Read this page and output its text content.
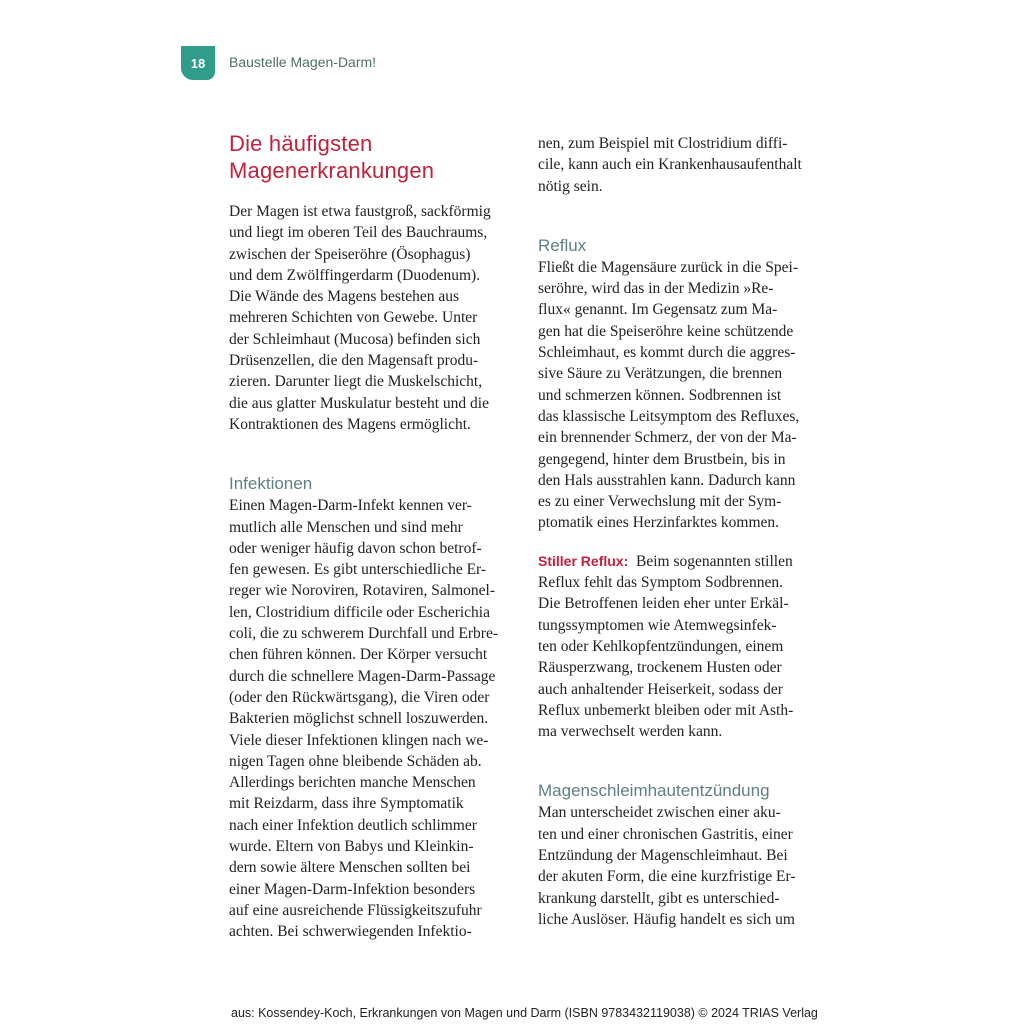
18	Baustelle Magen-Darm!
Die häufigsten
Magenerkrankungen

Der Magen ist etwa faustgroß, sackförmig
und liegt im oberen Teil des Bauchraums,
zwischen der Speiseröhre (Ösophagus)
und dem Zwölffingerdarm (Duodenum).
Die Wände des Magens bestehen aus
mehreren Schichten von Gewebe. Unter
der Schleimhaut (Mucosa) befinden sich
Drüsenzellen, die den Magensaft produ-
zieren. Darunter liegt die Muskelschicht,
die aus glatter Muskulatur besteht und die
Kontraktionen des Magens ermöglicht.

Infektionen

Einen Magen-Darm-Infekt kennen ver-
mutlich alle Menschen und sind mehr
oder weniger häufig davon schon betrof-
fen gewesen. Es gibt unterschiedliche Er-
reger wie Noroviren, Rotaviren, Salmonel-
len, Clostridium difficile oder Escherichia
coli, die zu schwerem Durchfall und Erbre-
chen führen können. Der Körper versucht
durch die schnellere Magen-Darm-Passage
(oder den Rückwärtsgang), die Viren oder
Bakterien möglichst schnell loszuwerden.
Viele dieser Infektionen klingen nach we-
nigen Tagen ohne bleibende Schäden ab.
Allerdings berichten manche Menschen
mit Reizdarm, dass ihre Symptomatik
nach einer Infektion deutlich schlimmer
wurde. Eltern von Babys und Kleinkin-
dern sowie ältere Menschen sollten bei
einer Magen-Darm-Infektion besonders
auf eine ausreichende Flüssigkeitszufuhr
achten. Bei schwerwiegenden Infektio-

nen, zum Beispiel mit Clostridium diffi-
cile, kann auch ein Krankenhausaufenthalt
nötig sein.

Reflux

Fließt die Magensäure zurück in die Spei-
seröhre, wird das in der Medizin »Re-
flux« genannt. Im Gegensatz zum Ma-
gen hat die Speiseröhre keine schützende
Schleimhaut, es kommt durch die aggres-
sive Säure zu Verätzungen, die brennen
und schmerzen können. Sodbrennen ist
das klassische Leitsymptom des Refluxes,
ein brennender Schmerz, der von der Ma-
gengegend, hinter dem Brustbein, bis in
den Hals ausstrahlen kann. Dadurch kann
es zu einer Verwechslung mit der Sym-
ptomatik eines Herzinfarktes kommen.

Stiller Reflux: Beim sogenannten stillen
Reflux fehlt das Symptom Sodbrennen.
Die Betroffenen leiden eher unter Erkäl-
tungssymptomen wie Atemwegsinfek-
ten oder Kehlkopfentzündungen, einem
Räusperzwang, trockenem Husten oder
auch anhaltender Heiserkeit, sodass der
Reflux unbemerkt bleiben oder mit Asth-
ma verwechselt werden kann.

Magenschleimhautentzündung

Man unterscheidet zwischen einer aku-
ten und einer chronischen Gastritis, einer
Entzündung der Magenschleimhaut. Bei
der akuten Form, die eine kurzfristige Er-
krankung darstellt, gibt es unterschied-
liche Auslöser. Häufig handelt es sich um

aus: Kossendey-Koch, Erkrankungen von Magen und Darm (ISBN 9783432119038) © 2024 TRIAS Verlag
